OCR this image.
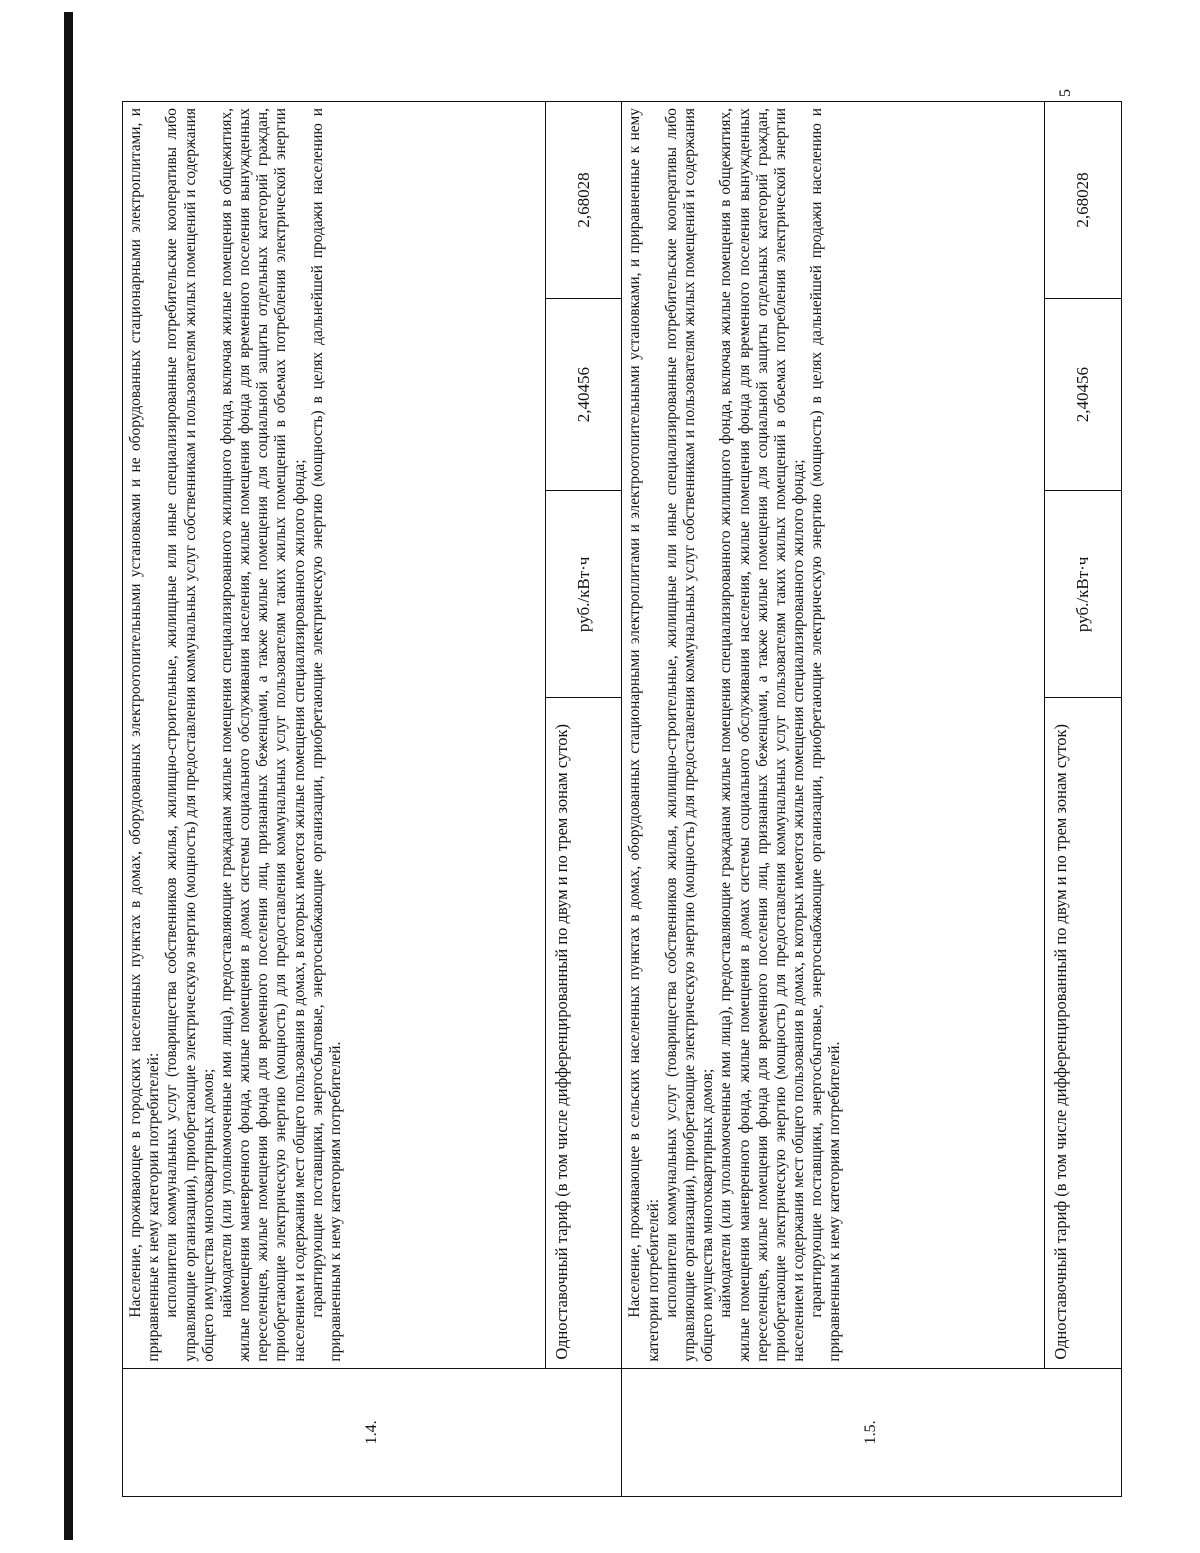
5
1.4.	Население, проживающее в городских населенных пунктах в домах, оборудованных электроотопительными установками и не оборудованных стационарными электроплитами, и приравненные к нему категории потребителей: исполнители коммунальных услуг (товарищества собственников жилья, жилищно-строительные, жилищные или иные специализированные потребительские кооперативы либо управляющие организации), приобретающие электрическую энергию (мощность) для предоставления коммунальных услуг собственникам и пользователям жилых помещений и содержания общего имущества многоквартирных домов; наймодатели (или уполномоченные ими лица), предоставляющие гражданам жилые помещения специализированного жилищного фонда, включая жилые помещения в общежитиях, жилые помещения маневренного фонда, жилые помещения в домах системы социального обслуживания населения, жилые помещения фонда для временного поселения вынужденных переселенцев, жилые помещения фонда для временного поселения лиц, признанных беженцами, а также жилые помещения для социальной защиты отдельных категорий граждан, приобретающие электрическую энергию (мощность) для предоставления коммунальных услуг пользователям таких жилых помещений в объемах потребления электрической энергии населением и содержания мест общего пользования в домах, в которых имеются жилые помещения специализированного жилого фонда; гарантирующие поставщики, энергосбытовые, энергоснабжающие организации, приобретающие электрическую энергию (мощность) в целях дальнейшей продажи населению и приравненным к нему категориям потребителей.			

	Одноставочный тариф (в том числе дифференцированный по двум и по трем зонам суток)	руб./кВт·ч	2,40456	2,68028
1.5.	Население, проживающее в сельских населенных пунктах в домах, оборудованных стационарными электроплитами и электроотопительными установками, и приравненные к нему категории потребителей: исполнители коммунальных услуг (товарищества собственников жилья, жилищно-строительные, жилищные или иные специализированные потребительские кооперативы либо управляющие организации), приобретающие электрическую энергию (мощность) для предоставления коммунальных услуг собственникам и пользователям жилых помещений и содержания общего имущества многоквартирных домов; наймодатели (или уполномоченные ими лица), предоставляющие гражданам жилые помещения специализированного жилищного фонда, включая жилые помещения в общежитиях, жилые помещения маневренного фонда, жилые помещения в домах системы социального обслуживания населения, жилые помещения фонда для временного поселения вынужденных переселенцев, жилые помещения фонда для временного поселения лиц, признанных беженцами, а также жилые помещения для социальной защиты отдельных категорий граждан, приобретающие электрическую энергию (мощность) для предоставления коммунальных услуг пользователям таких жилых помещений в объемах потребления электрической энергии населением и содержания мест общего пользования в домах, в которых имеются жилые помещения специализированного жилого фонда; гарантирующие поставщики, энергосбытовые, энергоснабжающие организации, приобретающие электрическую энергию (мощность) в целях дальнейшей продажи населению и приравненным к нему категориям потребителей.			

	Одноставочный тариф (в том числе дифференцированный по двум и по трем зонам суток)	руб./кВт·ч	2,40456	2,68028
